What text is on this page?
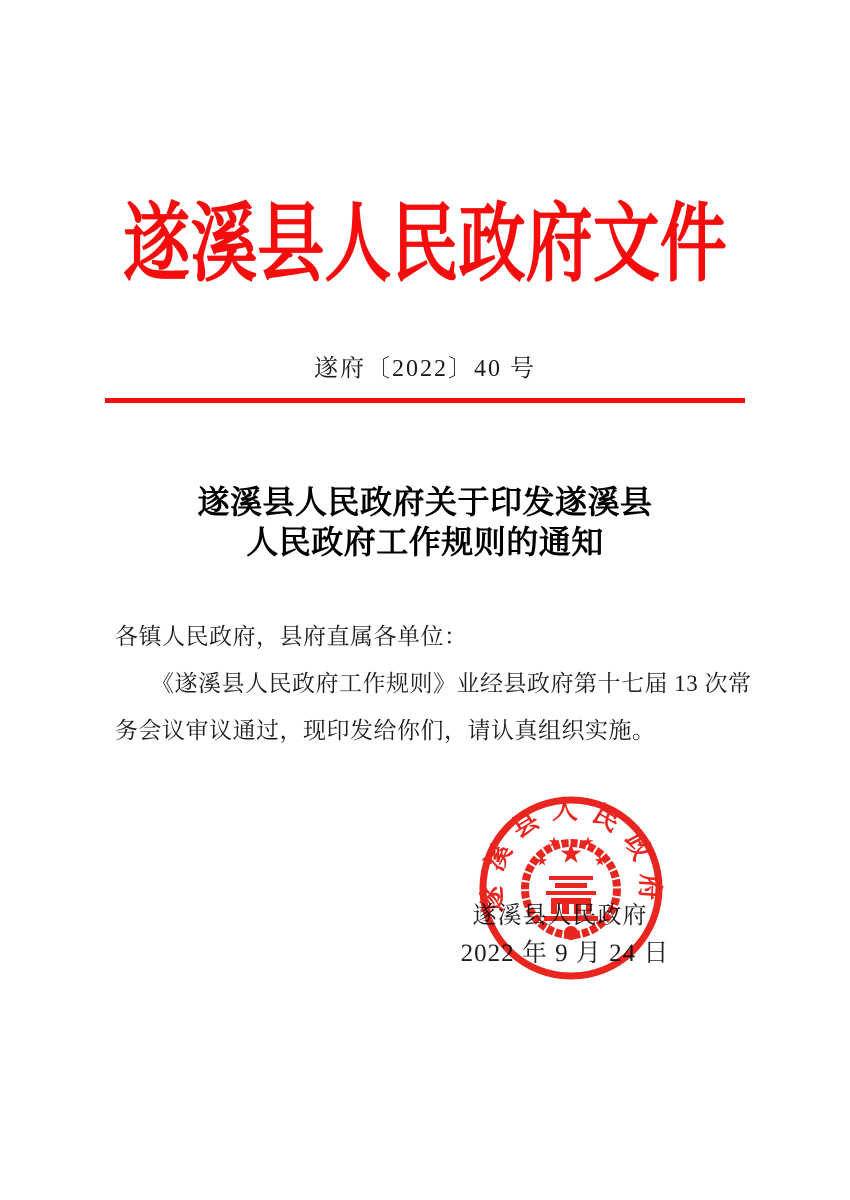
遂溪县人民政府文件
遂府〔2022〕40 号
遂溪县人民政府关于印发遂溪县
人民政府工作规则的通知
各镇人民政府，县府直属各单位：
《遂溪县人民政府工作规则》业经县政府第十七届 13 次常
务会议审议通过，现印发给你们，请认真组织实施。
遂溪县人民政府
遂溪县人民政府
2022 年 9 月 24 日
